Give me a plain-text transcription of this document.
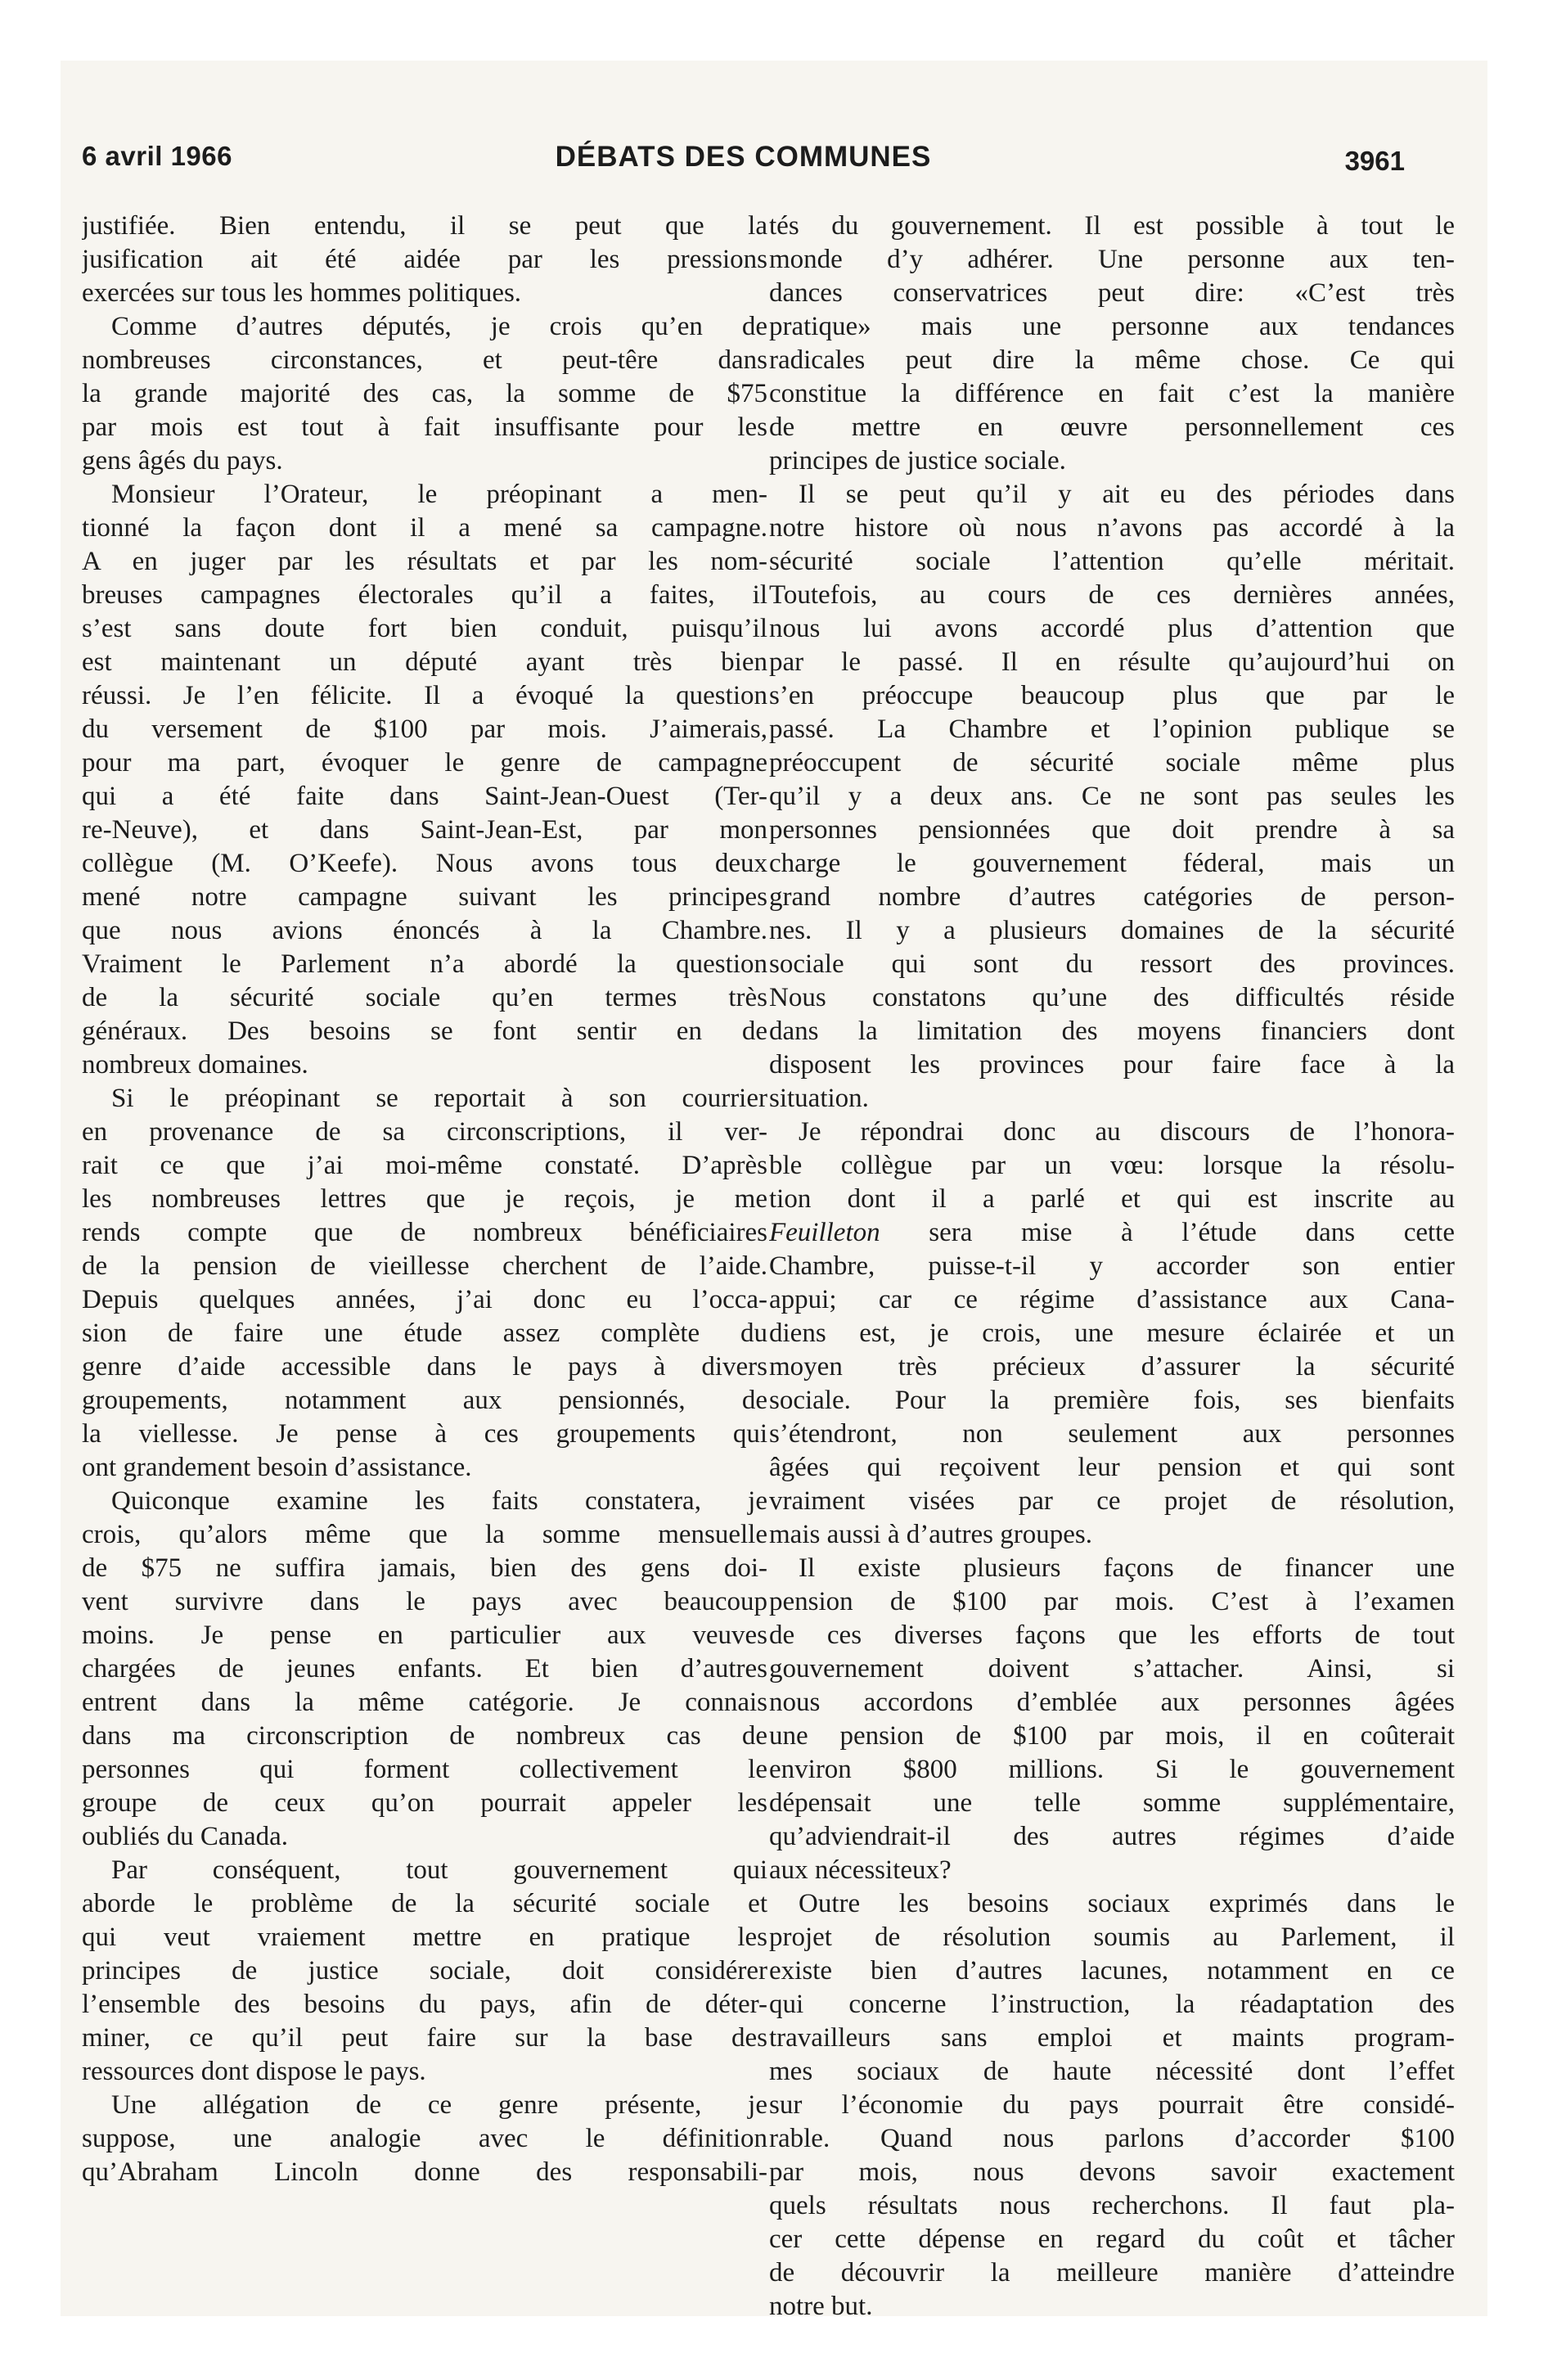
6 avril 1966	DÉBATS DES COMMUNES	3961
justifiée. Bien entendu, il se peut que la
jusification ait été aidée par les pressions
exercées sur tous les hommes politiques.
Comme d’autres députés, je crois qu’en de
nombreuses circonstances, et peut-têre dans
la grande majorité des cas, la somme de $75
par mois est tout à fait insuffisante pour les
gens âgés du pays.
Monsieur l’Orateur, le préopinant a men-
tionné la façon dont il a mené sa campagne.
A en juger par les résultats et par les nom-
breuses campagnes électorales qu’il a faites, il
s’est sans doute fort bien conduit, puisqu’il
est maintenant un député ayant très bien
réussi. Je l’en félicite. Il a évoqué la question
du versement de $100 par mois. J’aimerais,
pour ma part, évoquer le genre de campagne
qui a été faite dans Saint-Jean-Ouest (Ter-
re-Neuve), et dans Saint-Jean-Est, par mon
collègue (M. O’Keefe). Nous avons tous deux
mené notre campagne suivant les principes
que nous avions énoncés à la Chambre.
Vraiment le Parlement n’a abordé la question
de la sécurité sociale qu’en termes très
généraux. Des besoins se font sentir en de
nombreux domaines.
Si le préopinant se reportait à son courrier
en provenance de sa circonscriptions, il ver-
rait ce que j’ai moi-même constaté. D’après
les nombreuses lettres que je reçois, je me
rends compte que de nombreux bénéficiaires
de la pension de vieillesse cherchent de l’aide.
Depuis quelques années, j’ai donc eu l’occa-
sion de faire une étude assez complète du
genre d’aide accessible dans le pays à divers
groupements, notamment aux pensionnés, de
la viellesse. Je pense à ces groupements qui
ont grandement besoin d’assistance.
Quiconque examine les faits constatera, je
crois, qu’alors même que la somme mensuelle
de $75 ne suffira jamais, bien des gens doi-
vent survivre dans le pays avec beaucoup
moins. Je pense en particulier aux veuves
chargées de jeunes enfants. Et bien d’autres
entrent dans la même catégorie. Je connais
dans ma circonscription de nombreux cas de
personnes qui forment collectivement le
groupe de ceux qu’on pourrait appeler les
oubliés du Canada.
Par conséquent, tout gouvernement qui
aborde le problème de la sécurité sociale et
qui veut vraiement mettre en pratique les
principes de justice sociale, doit considérer
l’ensemble des besoins du pays, afin de déter-
miner, ce qu’il peut faire sur la base des
ressources dont dispose le pays.
Une allégation de ce genre présente, je
suppose, une analogie avec le définition
qu’Abraham Lincoln donne des responsabili-
tés du gouvernement. Il est possible à tout le
monde d’y adhérer. Une personne aux ten-
dances conservatrices peut dire: «C’est très
pratique» mais une personne aux tendances
radicales peut dire la même chose. Ce qui
constitue la différence en fait c’est la manière
de mettre en œuvre personnellement ces
principes de justice sociale.
Il se peut qu’il y ait eu des périodes dans
notre histore où nous n’avons pas accordé à la
sécurité sociale l’attention qu’elle méritait.
Toutefois, au cours de ces dernières années,
nous lui avons accordé plus d’attention que
par le passé. Il en résulte qu’aujourd’hui on
s’en préoccupe beaucoup plus que par le
passé. La Chambre et l’opinion publique se
préoccupent de sécurité sociale même plus
qu’il y a deux ans. Ce ne sont pas seules les
personnes pensionnées que doit prendre à sa
charge le gouvernement féderal, mais un
grand nombre d’autres catégories de person-
nes. Il y a plusieurs domaines de la sécurité
sociale qui sont du ressort des provinces.
Nous constatons qu’une des difficultés réside
dans la limitation des moyens financiers dont
disposent les provinces pour faire face à la
situation.
Je répondrai donc au discours de l’honora-
ble collègue par un vœu: lorsque la résolu-
tion dont il a parlé et qui est inscrite au
Feuilleton sera mise à l’étude dans cette
Chambre, puisse-t-il y accorder son entier
appui; car ce régime d’assistance aux Cana-
diens est, je crois, une mesure éclairée et un
moyen très précieux d’assurer la sécurité
sociale. Pour la première fois, ses bienfaits
s’étendront, non seulement aux personnes
âgées qui reçoivent leur pension et qui sont
vraiment visées par ce projet de résolution,
mais aussi à d’autres groupes.
Il existe plusieurs façons de financer une
pension de $100 par mois. C’est à l’examen
de ces diverses façons que les efforts de tout
gouvernement doivent s’attacher. Ainsi, si
nous accordons d’emblée aux personnes âgées
une pension de $100 par mois, il en coûterait
environ $800 millions. Si le gouvernement
dépensait une telle somme supplémentaire,
qu’adviendrait-il des autres régimes d’aide
aux nécessiteux?
Outre les besoins sociaux exprimés dans le
projet de résolution soumis au Parlement, il
existe bien d’autres lacunes, notamment en ce
qui concerne l’instruction, la réadaptation des
travailleurs sans emploi et maints program-
mes sociaux de haute nécessité dont l’effet
sur l’économie du pays pourrait être considé-
rable. Quand nous parlons d’accorder $100
par mois, nous devons savoir exactement
quels résultats nous recherchons. Il faut pla-
cer cette dépense en regard du coût et tâcher
de découvrir la meilleure manière d’atteindre
notre but.
